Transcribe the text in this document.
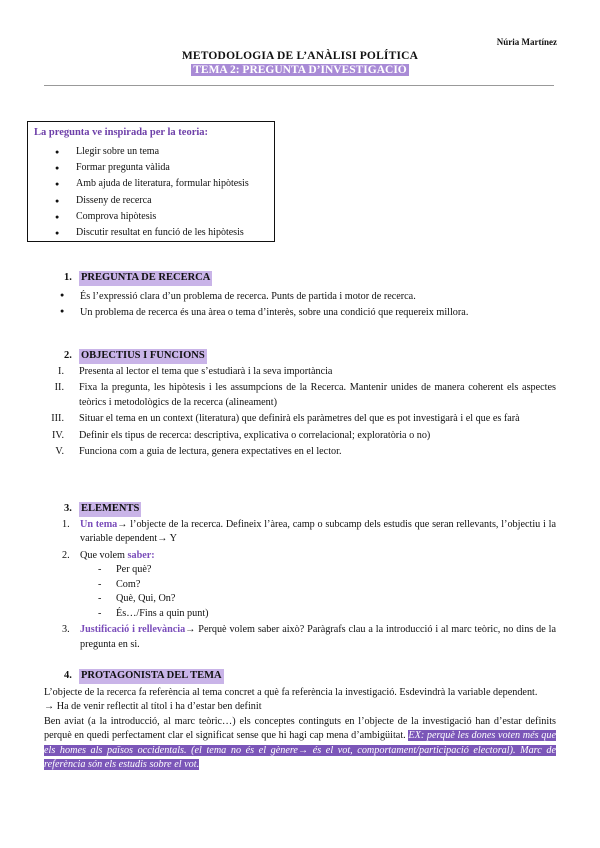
Núria Martínez
METODOLOGIA DE L’ANÀLISI POLÍTICA
TEMA 2: PREGUNTA D’INVESTIGACIÓ
La pregunta ve inspirada per la teoria:
● Llegir sobre un tema
● Formar pregunta vàlida
● Amb ajuda de literatura, formular hipòtesis
● Disseny de recerca
● Comprova hipòtesis
● Discutir resultat en funció de les hipòtesis
1. PREGUNTA DE RECERCA
● És l’expressió clara d’un problema de recerca. Punts de partida i motor de recerca.
● Un problema de recerca és una àrea o tema d’interès, sobre una condició que requereix millora.
2. OBJECTIUS I FUNCIONS
I. Presenta al lector el tema que s’estudiarà i la seva importància
II. Fixa la pregunta, les hipòtesis i les assumpcions de la Recerca. Mantenir unides de manera coherent els aspectes teòrics i metodològics de la recerca (alineament)
III. Situar el tema en un context (literatura) que definirà els paràmetres del que es pot investigarà i el que es farà
IV. Definir els tipus de recerca: descriptiva, explicativa o correlacional; exploratòria o no)
V. Funciona com a guia de lectura, genera expectatives en el lector.
3. ELEMENTS
1. Un tema→ l’objecte de la recerca. Defineix l’àrea, camp o subcamp dels estudis que seran rellevants, l’objectiu i la variable dependent→ Y
2. Que volem saber:
- Per què?
- Com?
- Què, Qui, On?
- És…/Fins a quin punt)
3. Justificació i rellevància→ Perquè volem saber això? Paràgrafs clau a la introducció i al marc teòric, no dins de la pregunta en si.
4. PROTAGONISTA DEL TEMA
L’objecte de la recerca fa referència al tema concret a què fa referència la investigació. Esdevindrà la variable dependent.
→ Ha de venir reflectit al títol i ha d’estar ben definit
Ben aviat (a la introducció, al marc teòric…) els conceptes continguts en l’objecte de la investigació han d’estar definits perquè en quedi perfectament clar el significat sense que hi hagi cap mena d’ambigüitat. EX: perquè les dones voten més que els homes als països occidentals. (el tema no és el gènere→ és el vot, comportament/participació electoral). Marc de referència són els estudis sobre el vot.
